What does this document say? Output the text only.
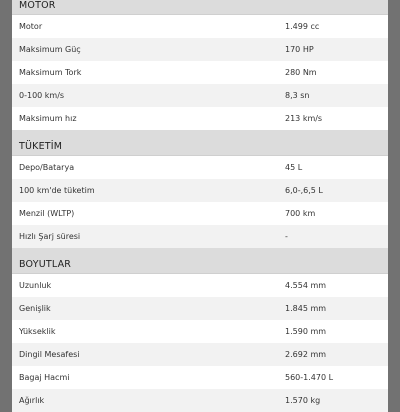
MOTOR
Motor	1.499 cc
Maksimum Güç	170 HP
Maksimum Tork	280 Nm
0-100 km/s	8,3 sn
Maksimum hız	213 km/s
TÜKETİM
Depo/Batarya	45 L
100 km'de tüketim	6,0-,6,5 L
Menzil (WLTP)	700 km
Hızlı Şarj süresi	-
BOYUTLAR
Uzunluk	4.554 mm
Genişlik	1.845 mm
Yükseklik	1.590 mm
Dingil Mesafesi	2.692 mm
Bagaj Hacmi	560-1.470 L
Ağırlık	1.570 kg
